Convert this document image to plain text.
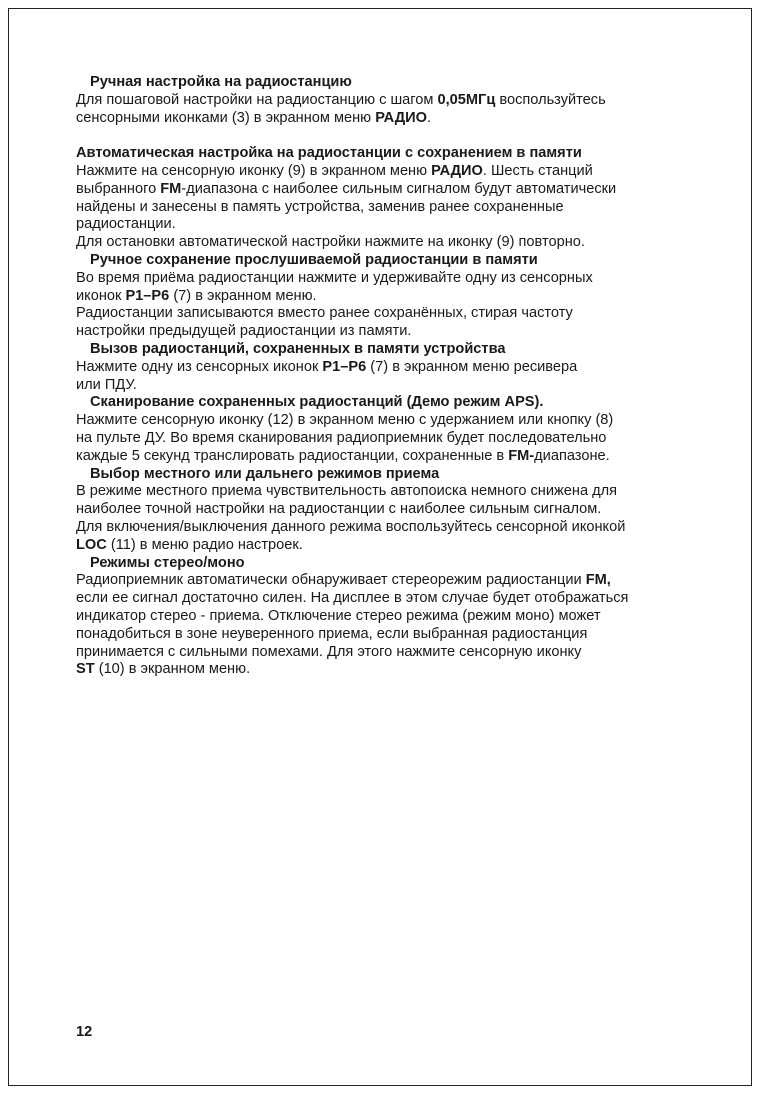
Ручная настройка на радиостанцию

Для пошаговой настройки на радиостанцию с шагом 0,05МГц воспользуйтесь
сенсорными иконками (3) в экранном меню РАДИО.

Автоматическая настройка на радиостанции с сохранением в памяти

Нажмите на сенсорную иконку (9) в экранном меню РАДИО. Шесть станций
выбранного FM-диапазона с наиболее сильным сигналом будут автоматически
найдены и занесены в память устройства, заменив ранее сохраненные
радиостанции.
Для остановки автоматической настройки нажмите на иконку (9) повторно.

Ручное сохранение прослушиваемой радиостанции в памяти

Во время приёма радиостанции нажмите и удерживайте одну из сенсорных
иконок P1–P6 (7) в экранном меню.
Радиостанции записываются вместо ранее сохранённых, стирая частоту
настройки предыдущей радиостанции из памяти.

Вызов радиостанций, сохраненных в памяти устройства

Нажмите одну из сенсорных иконок P1–P6 (7) в экранном меню ресивера
или ПДУ.

Сканирование сохраненных радиостанций (Демо режим APS).

Нажмите сенсорную иконку (12) в экранном меню с удержанием или кнопку (8)
на пульте ДУ. Во время сканирования радиоприемник будет последовательно
каждые 5 секунд транслировать радиостанции, сохраненные в FM-диапазоне.

Выбор местного или дальнего режимов приема

В режиме местного приема чувствительность автопоиска немного снижена для
наиболее точной настройки на радиостанции с наиболее сильным сигналом.
Для включения/выключения данного режима воспользуйтесь сенсорной иконкой
LOC (11) в меню радио настроек.

Режимы стерео/моно

Радиоприемник автоматически обнаруживает стереорежим радиостанции FM,
если ее сигнал достаточно силен. На дисплее в этом случае будет отображаться
индикатор стерео - приема. Отключение стерео режима (режим моно) может
понадобиться в зоне неуверенного приема, если выбранная радиостанция
принимается с сильными помехами. Для этого нажмите сенсорную иконку
ST (10) в экранном меню.

12
